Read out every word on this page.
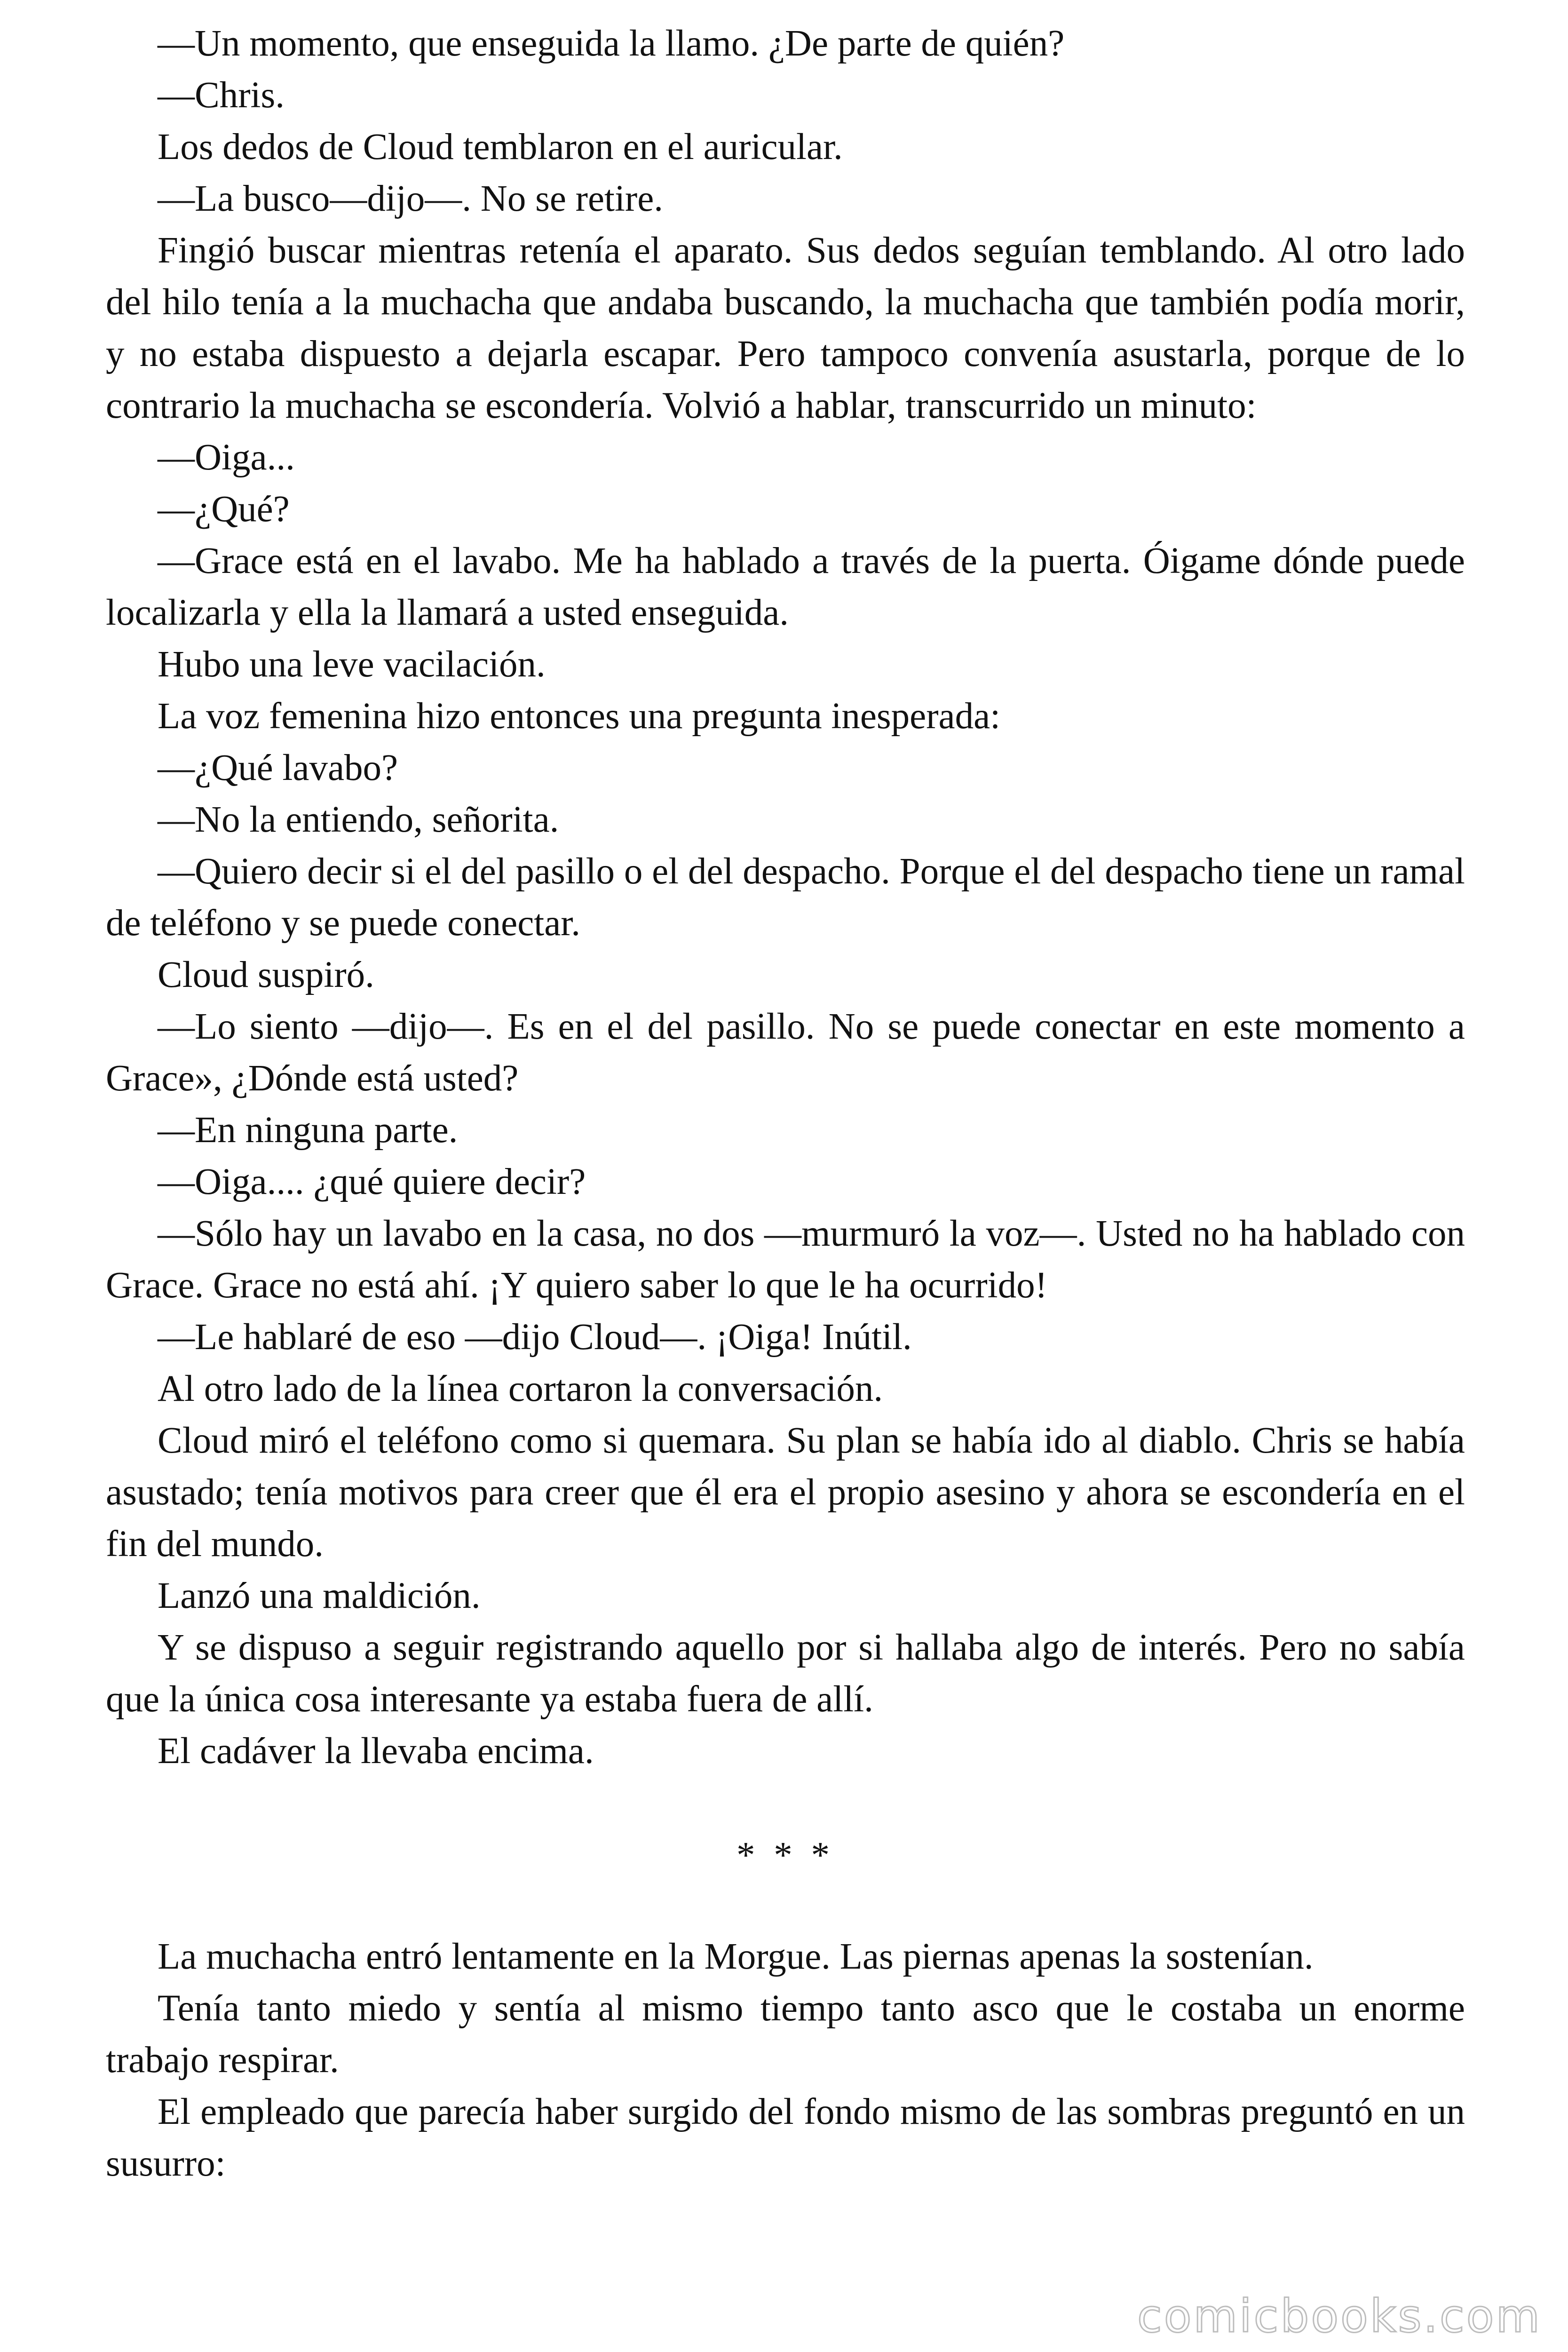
—Un momento, que enseguida la llamo. ¿De parte de quién?

—Chris.

Los dedos de Cloud temblaron en el auricular.

—La busco—dijo—. No se retire.

Fingió buscar mientras retenía el aparato. Sus dedos seguían temblando. Al otro lado del hilo tenía a la muchacha que andaba buscando, la muchacha que también podía morir, y no estaba dispuesto a dejarla escapar. Pero tampoco convenía asustarla, porque de lo contrario la muchacha se escondería. Volvió a hablar, transcurrido un minuto:

—Oiga...

—¿Qué?

—Grace está en el lavabo. Me ha hablado a través de la puerta. Óigame dónde puede localizarla y ella la llamará a usted enseguida.

Hubo una leve vacilación.

La voz femenina hizo entonces una pregunta inesperada:

—¿Qué lavabo?

—No la entiendo, señorita.

—Quiero decir si el del pasillo o el del despacho. Porque el del despacho tiene un ramal de teléfono y se puede conectar.

Cloud suspiró.

—Lo siento —dijo—. Es en el del pasillo. No se puede conectar en este momento a Grace», ¿Dónde está usted?

—En ninguna parte.

—Oiga.... ¿qué quiere decir?

—Sólo hay un lavabo en la casa, no dos —murmuró la voz—. Usted no ha hablado con Grace. Grace no está ahí. ¡Y quiero saber lo que le ha ocurrido!

—Le hablaré de eso —dijo Cloud—. ¡Oiga! Inútil.

Al otro lado de la línea cortaron la conversación.

Cloud miró el teléfono como si quemara. Su plan se había ido al diablo. Chris se había asustado; tenía motivos para creer que él era el propio asesino y ahora se escondería en el fin del mundo.

Lanzó una maldición.

Y se dispuso a seguir registrando aquello por si hallaba algo de interés. Pero no sabía que la única cosa interesante ya estaba fuera de allí.

El cadáver la llevaba encima.

* * *

La muchacha entró lentamente en la Morgue. Las piernas apenas la sostenían.

Tenía tanto miedo y sentía al mismo tiempo tanto asco que le costaba un enorme trabajo respirar.

El empleado que parecía haber surgido del fondo mismo de las sombras preguntó en un susurro:

comicbooks.com
